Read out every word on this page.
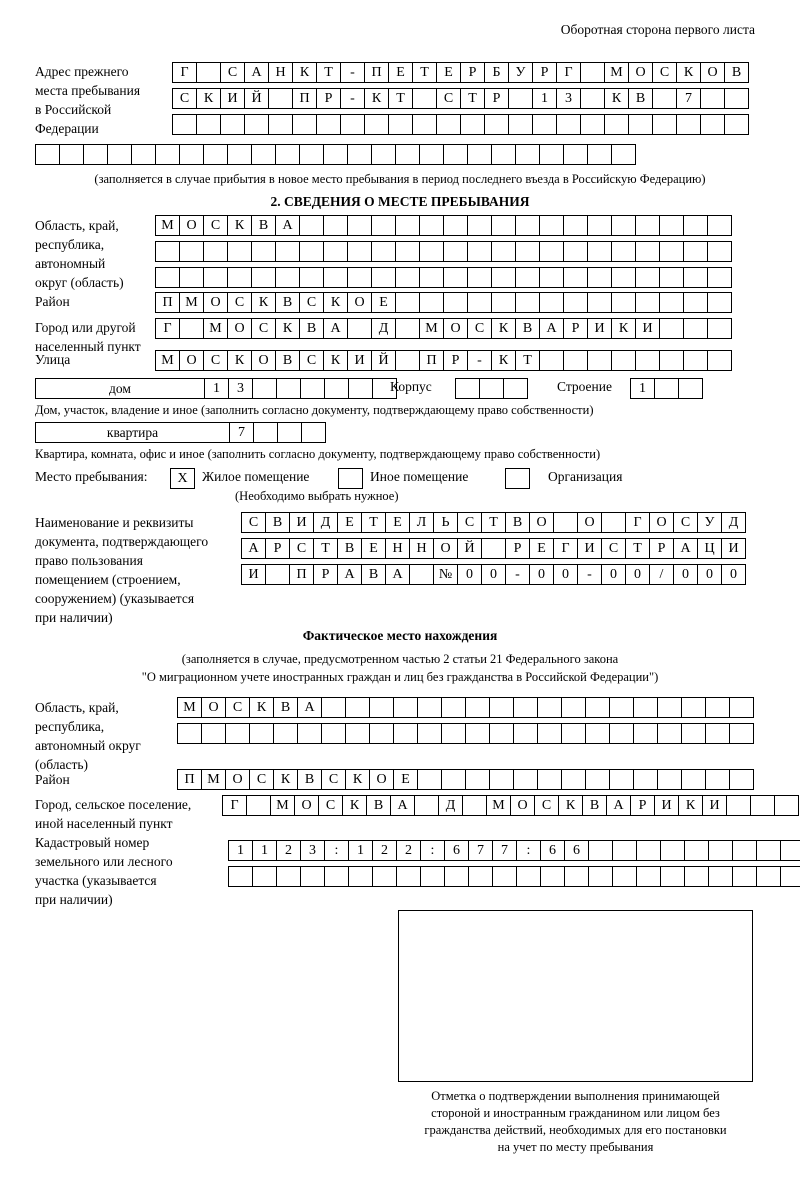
Оборотная сторона первого листа
Адрес прежнего
места пребывания
в Российской
Федерации
Г	С	А Н	К	Т	-	П	Е	Т	Е	Р	Б	У	Р	Г	М О	С	К	О	В
С	К	И Й	П	Р	-	К	Т	С	Т	Р	1	3	К	В	7
(заполняется в случае прибытия в новое место пребывания в период последнего въезда в Российскую Федерацию)
2. СВЕДЕНИЯ О МЕСТЕ ПРЕБЫВАНИЯ
Область, край,
республика,
автономный
округ (область)
М О	С	К	В	А
Район	П М О	С	К	В	С	К	О	Е
Город или другой
населенный пункт
Г	М О	С	К	В	А	Д	М О	С	К	В	А	Р	И	К	И
Улица	М О	С	К	О	В	С	К	И Й	П	Р	-	К	Т
дом	1	3	Корпус	Строение	1
Дом, участок, владение и иное (заполнить согласно документу, подтверждающему право собственности)
квартира	7
Квартира, комната, офис и иное (заполнить согласно документу, подтверждающему право собственности)
Место пребывания:	X	Жилое помещение	Иное помещение	Организация
(Необходимо выбрать нужное)
Наименование и реквизиты
документа, подтверждающего
право пользования
помещением (строением,
сооружением) (указывается
при наличии)
С	В	И	Д	Е	Т	Е	Л	Ь	С	Т	В	О	О	Г	О	С	У	Д
А	Р	С	Т	В	Е	Н Н О Й	Р	Е	Г	И	С	Т	Р	А Ц И
И	П	Р	А	В	А	№ 0	0	-	0	0	-	0	0	/	0	0	0
Фактическое место нахождения
(заполняется в случае, предусмотренном частью 2 статьи 21 Федерального закона
"О миграционном учете иностранных граждан и лиц без гражданства в Российской Федерации")
Область, край,
республика,
автономный округ
(область)
М О	С	К	В	А
Район	П М О	С	К	В	С	К	О	Е
Город, сельское поселение,
иной населенный пункт
Г	М О	С	К	В	А	Д	М О	С	К	В	А	Р	И	К	И
Кадастровый номер
земельного или лесного
участка (указывается
при наличии)
1	1	2	3	:	1	2	2	:	6	7	7	:	6	6
Отметка о подтверждении выполнения принимающей
стороной и иностранным гражданином или лицом без
гражданства действий, необходимых для его постановки
на учет по месту пребывания
